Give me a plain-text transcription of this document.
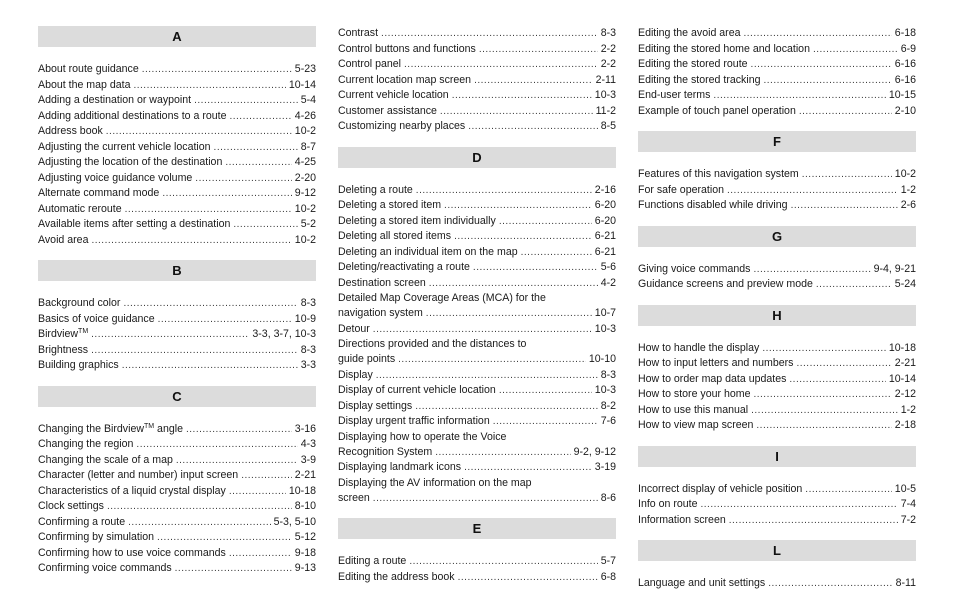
A
About route guidance .....	5-23
About the map data .....	10-14
Adding a destination or waypoint .....	5-4
Adding additional destinations to a route .....	4-26
Address book .....	10-2
Adjusting the current vehicle location .....	8-7
Adjusting the location of the destination .....	4-25
Adjusting voice guidance volume .....	2-20
Alternate command mode .....	9-12
Automatic reroute .....	10-2
Available items after setting a destination .....	5-2
Avoid area .....	10-2
B
Background color .....	8-3
Basics of voice guidance .....	10-9
Birdview™ .....	3-3, 3-7, 10-3
Brightness .....	8-3
Building graphics .....	3-3
C
Changing the Birdview™ angle .....	3-16
Changing the region .....	4-3
Changing the scale of a map .....	3-9
Character (letter and number) input screen .....	2-21
Characteristics of a liquid crystal display .....	10-18
Clock settings .....	8-10
Confirming a route .....	5-3, 5-10
Confirming by simulation .....	5-12
Confirming how to use voice commands .....	9-18
Confirming voice commands .....	9-13
Contrast .....	8-3
Control buttons and functions .....	2-2
Control panel .....	2-2
Current location map screen .....	2-11
Current vehicle location .....	10-3
Customer assistance .....	11-2
Customizing nearby places .....	8-5
D
Deleting a route .....	2-16
Deleting a stored item .....	6-20
Deleting a stored item individually .....	6-20
Deleting all stored items .....	6-21
Deleting an individual item on the map .....	6-21
Deleting/reactivating a route .....	5-6
Destination screen .....	4-2
Detailed Map Coverage Areas (MCA) for the
navigation system .....	10-7
Detour .....	10-3
Directions provided and the distances to
guide points .....	10-10
Display .....	8-3
Display of current vehicle location .....	10-3
Display settings .....	8-2
Display urgent traffic information .....	7-6
Displaying how to operate the Voice
Recognition System .....	9-2, 9-12
Displaying landmark icons .....	3-19
Displaying the AV information on the map
screen .....	8-6
E
Editing a route .....	5-7
Editing the address book .....	6-8
Editing the avoid area .....	6-18
Editing the stored home and location .....	6-9
Editing the stored route .....	6-16
Editing the stored tracking .....	6-16
End-user terms .....	10-15
Example of touch panel operation .....	2-10
F
Features of this navigation system .....	10-2
For safe operation .....	1-2
Functions disabled while driving .....	2-6
G
Giving voice commands .....	9-4, 9-21
Guidance screens and preview mode .....	5-24
H
How to handle the display .....	10-18
How to input letters and numbers .....	2-21
How to order map data updates .....	10-14
How to store your home .....	2-12
How to use this manual .....	1-2
How to view map screen .....	2-18
I
Incorrect display of vehicle position .....	10-5
Info on route .....	7-4
Information screen .....	7-2
L
Language and unit settings .....	8-11
